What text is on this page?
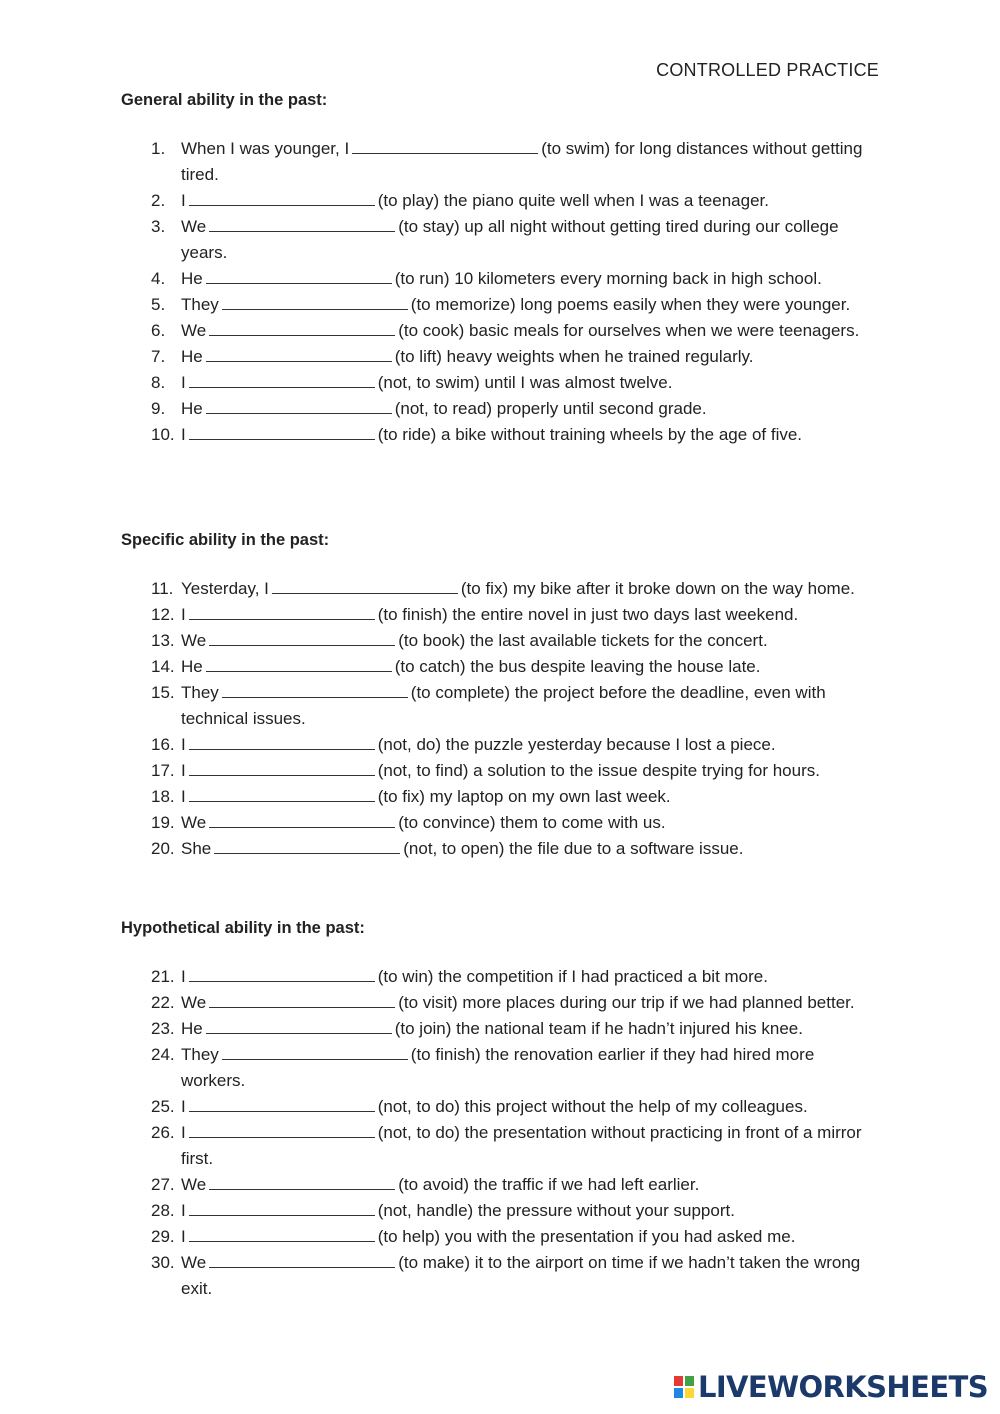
CONTROLLED PRACTICE
General ability in the past:
1. When I was younger, I	(to swim) for long distances without getting tired.
2. I	(to play) the piano quite well when I was a teenager.
3. We	(to stay) up all night without getting tired during our college years.
4. He	(to run) 10 kilometers every morning back in high school.
5. They	(to memorize) long poems easily when they were younger.
6. We	(to cook) basic meals for ourselves when we were teenagers.
7. He	(to lift) heavy weights when he trained regularly.
8. I	(not, to swim) until I was almost twelve.
9. He	(not, to read) properly until second grade.
10. I	(to ride) a bike without training wheels by the age of five.
Specific ability in the past:
11. Yesterday, I	(to fix) my bike after it broke down on the way home.
12. I	(to finish) the entire novel in just two days last weekend.
13. We	(to book) the last available tickets for the concert.
14. He	(to catch) the bus despite leaving the house late.
15. They	(to complete) the project before the deadline, even with technical issues.
16. I	(not, do) the puzzle yesterday because I lost a piece.
17. I	(not, to find) a solution to the issue despite trying for hours.
18. I	(to fix) my laptop on my own last week.
19. We	(to convince) them to come with us.
20. She	(not, to open) the file due to a software issue.
Hypothetical ability in the past:
21. I	(to win) the competition if I had practiced a bit more.
22. We	(to visit) more places during our trip if we had planned better.
23. He	(to join) the national team if he hadn’t injured his knee.
24. They	(to finish) the renovation earlier if they had hired more workers.
25. I	(not, to do) this project without the help of my colleagues.
26. I	(not, to do) the presentation without practicing in front of a mirror first.
27. We	(to avoid) the traffic if we had left earlier.
28. I	(not, handle) the pressure without your support.
29. I	(to help) you with the presentation if you had asked me.
30. We	(to make) it to the airport on time if we hadn’t taken the wrong exit.
LIVEWORKSHEETS
